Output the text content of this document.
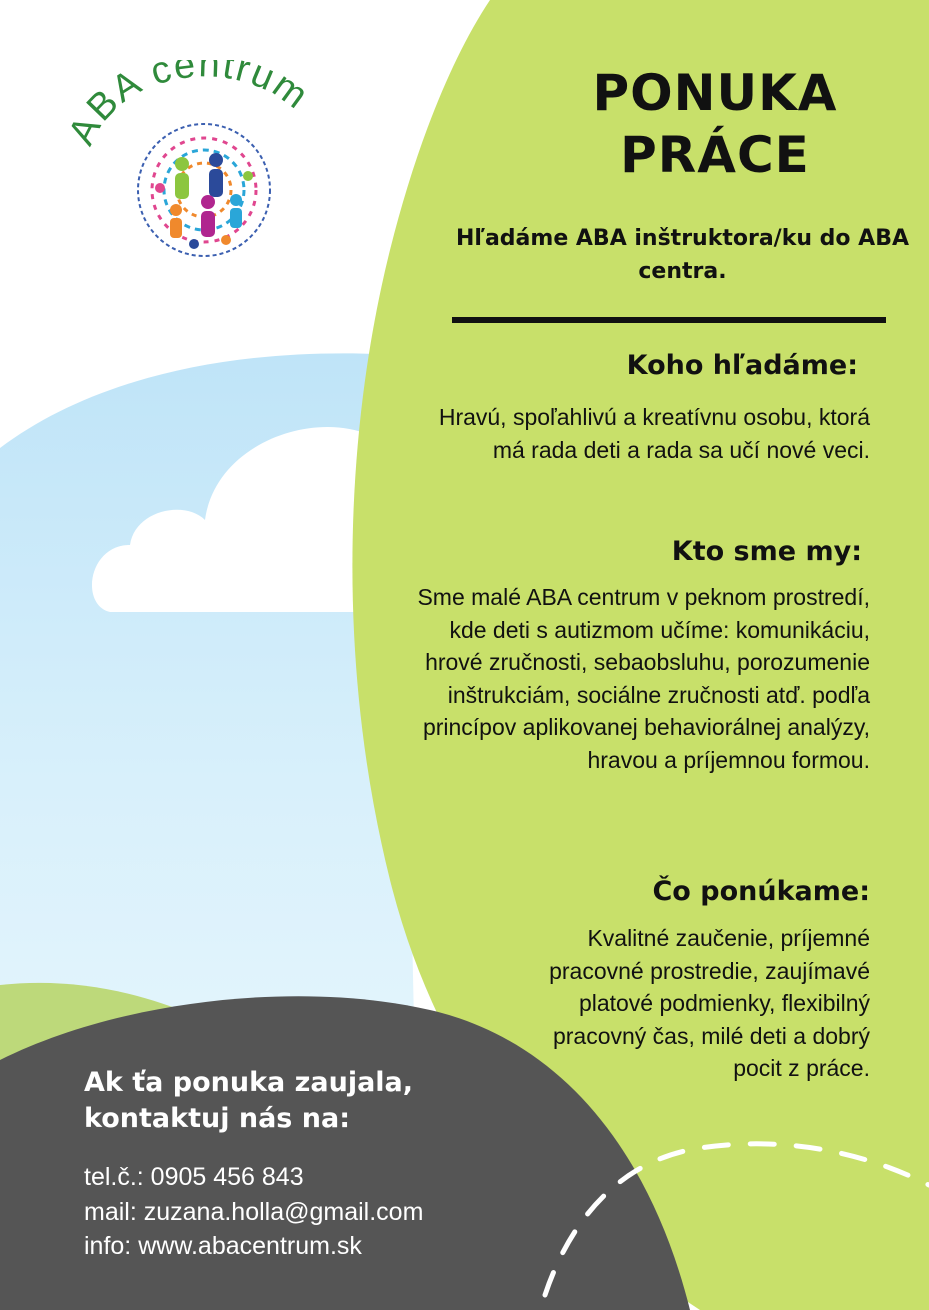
BA centrum	PONUKA
PRÁCE
Hľadáme ABA inštruktora/ku do ABA centra.
Koho hľadáme:
Hravú, spoľahlivú a kreatívnu osobu, ktorá má rada deti a rada sa učí nové veci.
Kto sme my:
Sme malé ABA centrum v peknom prostredí, kde deti s autizmom učíme: komunikáciu, hrové zručnosti, sebaobsluhu, porozumenie inštrukciám, sociálne zručnosti atď. podľa princípov aplikovanej behaviorálnej analýzy, hravou a príjemnou formou.
Čo ponúkame:
Kvalitné zaučenie, príjemné pracovné prostredie, zaujímavé platové podmienky, flexibilný pracovný čas, milé deti a dobrý pocit z práce.
Ak ťa ponuka zaujala,
kontaktuj nás na:
tel.č.: 0905 456 843
mail: zuzana.holla@gmail.com
info: www.abacentrum.sk
